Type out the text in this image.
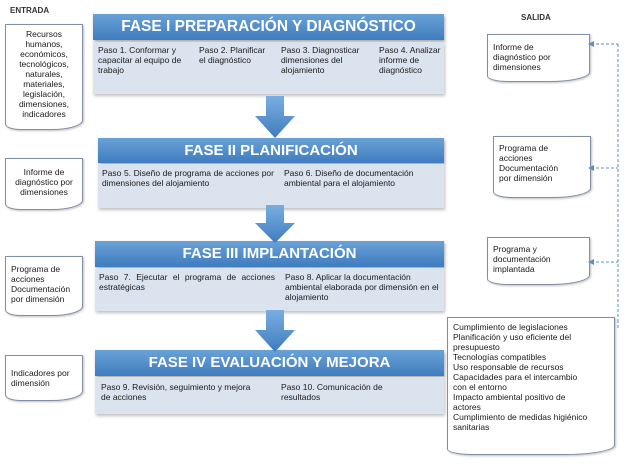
ENTRADA
SALIDA
Recursos
humanos,
económicos,
tecnológicos,
naturales,
materiales,
legislación,
dimensiones,
indicadores
Informe de
diagnóstico por
dimensiones
Programa de
acciones
Documentación
por dimensión
Indicadores por
dimensión
FASE I PREPARACIÓN Y DIAGNÓSTICO
Paso 1. Conformar y capacitar al equipo de trabajo
Paso 2. Planificar el diagnóstico
Paso 3. Diagnosticar dimensiones del alojamiento
Paso 4. Analizar informe de diagnóstico
FASE II PLANIFICACIÓN
Paso 5. Diseño de programa de acciones por dimensiones del alojamiento
Paso 6. Diseño de documentación ambiental para el alojamiento
FASE III IMPLANTACIÓN
Paso 7. Ejecutar el programa de acciones estratégicas
Paso 8. Aplicar la documentación ambiental elaborada por dimensión en el alojamiento
FASE IV EVALUACIÓN Y MEJORA
Paso 9. Revisión, seguimiento y mejora de acciones
Paso 10. Comunicación de resultados
Informe de
diagnóstico por
dimensiones
Programa de
acciones
Documentación
por dimensión
Programa y
documentación
implantada
Cumplimiento de legislaciones
Planificación y uso eficiente del
presupuesto
Tecnologías compatibles
Uso responsable de recursos
Capacidades para el intercambio
con el entorno
Impacto ambiental positivo de
actores
Cumplimiento de medidas higiénico
sanitarias
